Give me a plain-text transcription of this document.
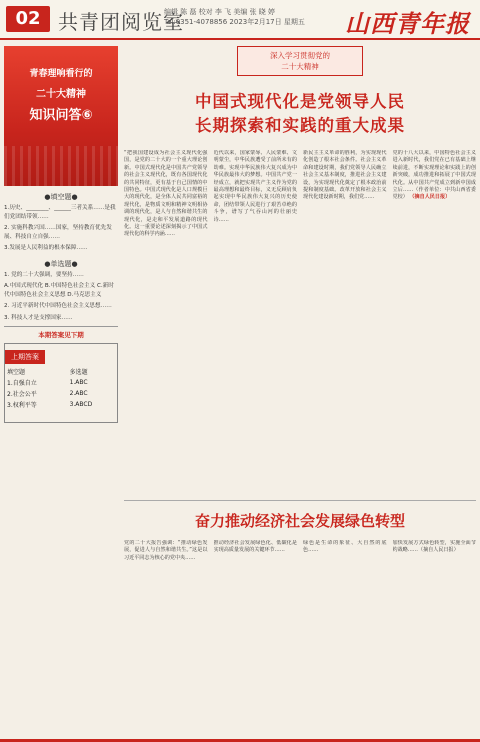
02 共青团阅览室
编辑 陈 磊 校对 李 飞 美编 张 晓 婷
Tel:0351-4078856 2023年2月17日 星期五 山西青年报
青春理响看行的
二十大精神
知识问答⑥
●填空题●

1.历史、________、______三者关系……是我们党团结带领……

2. 实施科教兴国……国家，坚持教育优先发展、科技自立自强……

3.发展是人民利益的根本保障……

●单选题●

1. 党的二十大强调，要坚持……

A.中国式现代化 B.中国特色社会主义 C.新时代中国特色社会主义思想 D.马克思主义

2. 习近平新时代中国特色社会主义思想……

3. 科技人才是支撑国家……

本期答案见下期
上期答案
填空题	多选题
1.自强自立	1.ABC
2.社会公平	2.ABC
3.权利平等	3.ABCD
深入学习贯彻党的
二十大精神
中国式现代化是党领导人民
长期探索和实践的重大成果
“把我国建设成为社会主义现代化强国，是党的二十大的一个重大理论创新。中国式现代化是中国共产党领导的社会主义现代化，既有各国现代化的共同特征，更有基于自己国情的中国特色。中国式现代化是人口规模巨大的现代化，是全体人民共同富裕的现代化，是物质文明和精神文明相协调的现代化，是人与自然和谐共生的现代化，是走和平发展道路的现代化。这一重要论述深刻揭示了中国式现代化的科学内涵……
近代以来，国家蒙辱、人民蒙难、文明蒙尘，中华民族遭受了前所未有的劫难。实现中华民族伟大复兴成为中华民族最伟大的梦想。中国共产党一经成立，就把实现共产主义作为党的最高理想和最终目标，义无反顾肩负起实现中华民族伟大复兴的历史使命，团结带领人民进行了艰苦卓绝的斗争，谱写了气吞山河的壮丽史诗……
新民主主义革命的胜利，为实现现代化创造了根本社会条件。社会主义革命和建设时期，我们党领导人民确立社会主义基本制度，推进社会主义建设，为实现现代化奠定了根本政治前提和制度基础。改革开放和社会主义现代化建设新时期，我们党……
党的十八大以来，中国特色社会主义进入新时代，我们党在已有基础上继续前进，不断实现理论和实践上的创新突破，成功推进和拓展了中国式现代化。从中国共产党成立到新中国成立后……（作者单位：中共山西省委党校） （摘自人民日报）
奋力推动经济社会发展绿色转型
党的二十大报告强调：“推动绿色发展，促进人与自然和谐共生。”这是以习近平同志为核心的党中央……
推动经济社会发展绿色化、低碳化是实现高质量发展的关键环节……
绿色是生命的象征、大自然的底色……
加快发展方式绿色转型，实施全面节约战略……（摘自人民日报）
